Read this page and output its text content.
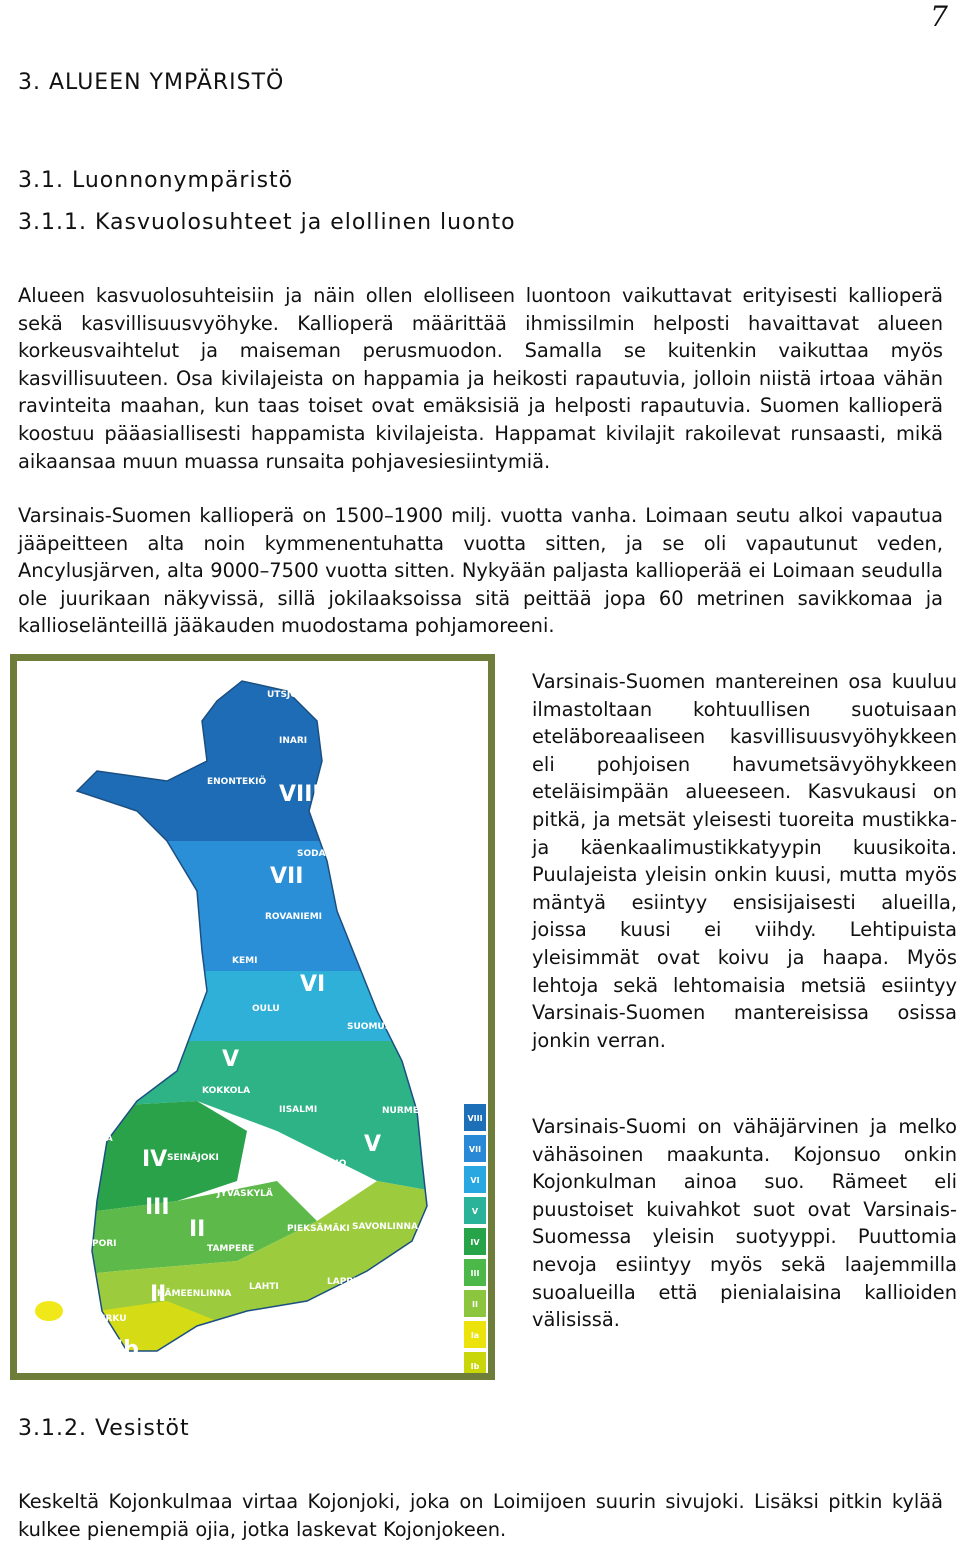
7
3. ALUEEN YMPÄRISTÖ
3.1. Luonnonympäristö
3.1.1. Kasvuolosuhteet ja elollinen luonto
Alueen kasvuolosuhteisiin ja näin ollen elolliseen luontoon vaikuttavat erityisesti kallioperä sekä kasvillisuusvyöhyke. Kallioperä määrittää ihmissilmin helposti havaittavat alueen korkeusvaihtelut ja maiseman perusmuodon. Samalla se kuitenkin vaikuttaa myös kasvillisuuteen. Osa kivilajeista on happamia ja heikosti rapautuvia, jolloin niistä irtoaa vähän ravinteita maahan, kun taas toiset ovat emäksisiä ja helposti rapautuvia. Suomen kallioperä koostuu pääasiallisesti happamista kivilajeista. Happamat kivilajit rakoilevat runsaasti, mikä aikaansaa muun muassa runsaita pohjavesiesiintymiä.
Varsinais-Suomen kallioperä on 1500–1900 milj. vuotta vanha. Loimaan seutu alkoi vapautua jääpeitteen alta noin kymmenentuhatta vuotta sitten, ja se oli vapautunut veden, Ancylusjärven, alta 9000–7500 vuotta sitten. Nykyään paljasta kallioperää ei Loimaan seudulla ole juurikaan näkyvissä, sillä jokilaaksoissa sitä peittää jopa 60 metrinen savikkomaa ja kallioselänteillä jääkauden muodostama pohjamoreeni.
VIII
VII
VI
V
V
IV
III
II
II
Ia
Ib
UTSJOKI
INARI
ENONTEKIÖ
SODANKYLÄ
ROVANIEMI
KUUSAMO
KEMI
OULU
SUOMUSSALMI
KOKKOLA
IISALMI	NURMES
VAASA
SEINÄJOKI
KUOPIO
JYVÄSKYLÄ
SAVONLINNA
PIEKSÄMÄKI
PORI	TAMPERE
HÄMEENLINNA
LAHTI	LAPPEENRANTA
TURKU	KOTKA
HELSINKI
MAARIAN-
HAMINA
HANKO
VIII
VII
VI
V
IV
III
II
Ia
Ib
Varsinais-Suomen mantereinen osa kuuluu ilmastoltaan kohtuullisen suotuisaan eteläboreaaliseen kasvillisuusvyöhykkeen eli pohjoisen havumetsävyöhykkeen eteläisimpään alueeseen. Kasvukausi on pitkä, ja metsät yleisesti tuoreita mustikka- ja käenkaalimustikkatyypin kuusikoita. Puulajeista yleisin onkin kuusi, mutta myös mäntyä esiintyy ensisijaisesti alueilla, joissa kuusi ei viihdy. Lehtipuista yleisimmät ovat koivu ja haapa. Myös lehtoja sekä lehtomaisia metsiä esiintyy Varsinais-Suomen mantereisissa osissa jonkin verran.
Varsinais-Suomi on vähäjärvinen ja melko vähäsoinen maakunta. Kojonsuo onkin Kojonkulman ainoa suo. Rämeet eli puustoiset kuivahkot suot ovat Varsinais-Suomessa yleisin suotyyppi. Puuttomia nevoja esiintyy myös sekä laajemmilla suoalueilla että pienialaisina kallioiden välisissä.
3.1.2. Vesistöt
Keskeltä Kojonkulmaa virtaa Kojonjoki, joka on Loimijoen suurin sivujoki. Lisäksi pitkin kylää kulkee pienempiä ojia, jotka laskevat Kojonjokeen.
